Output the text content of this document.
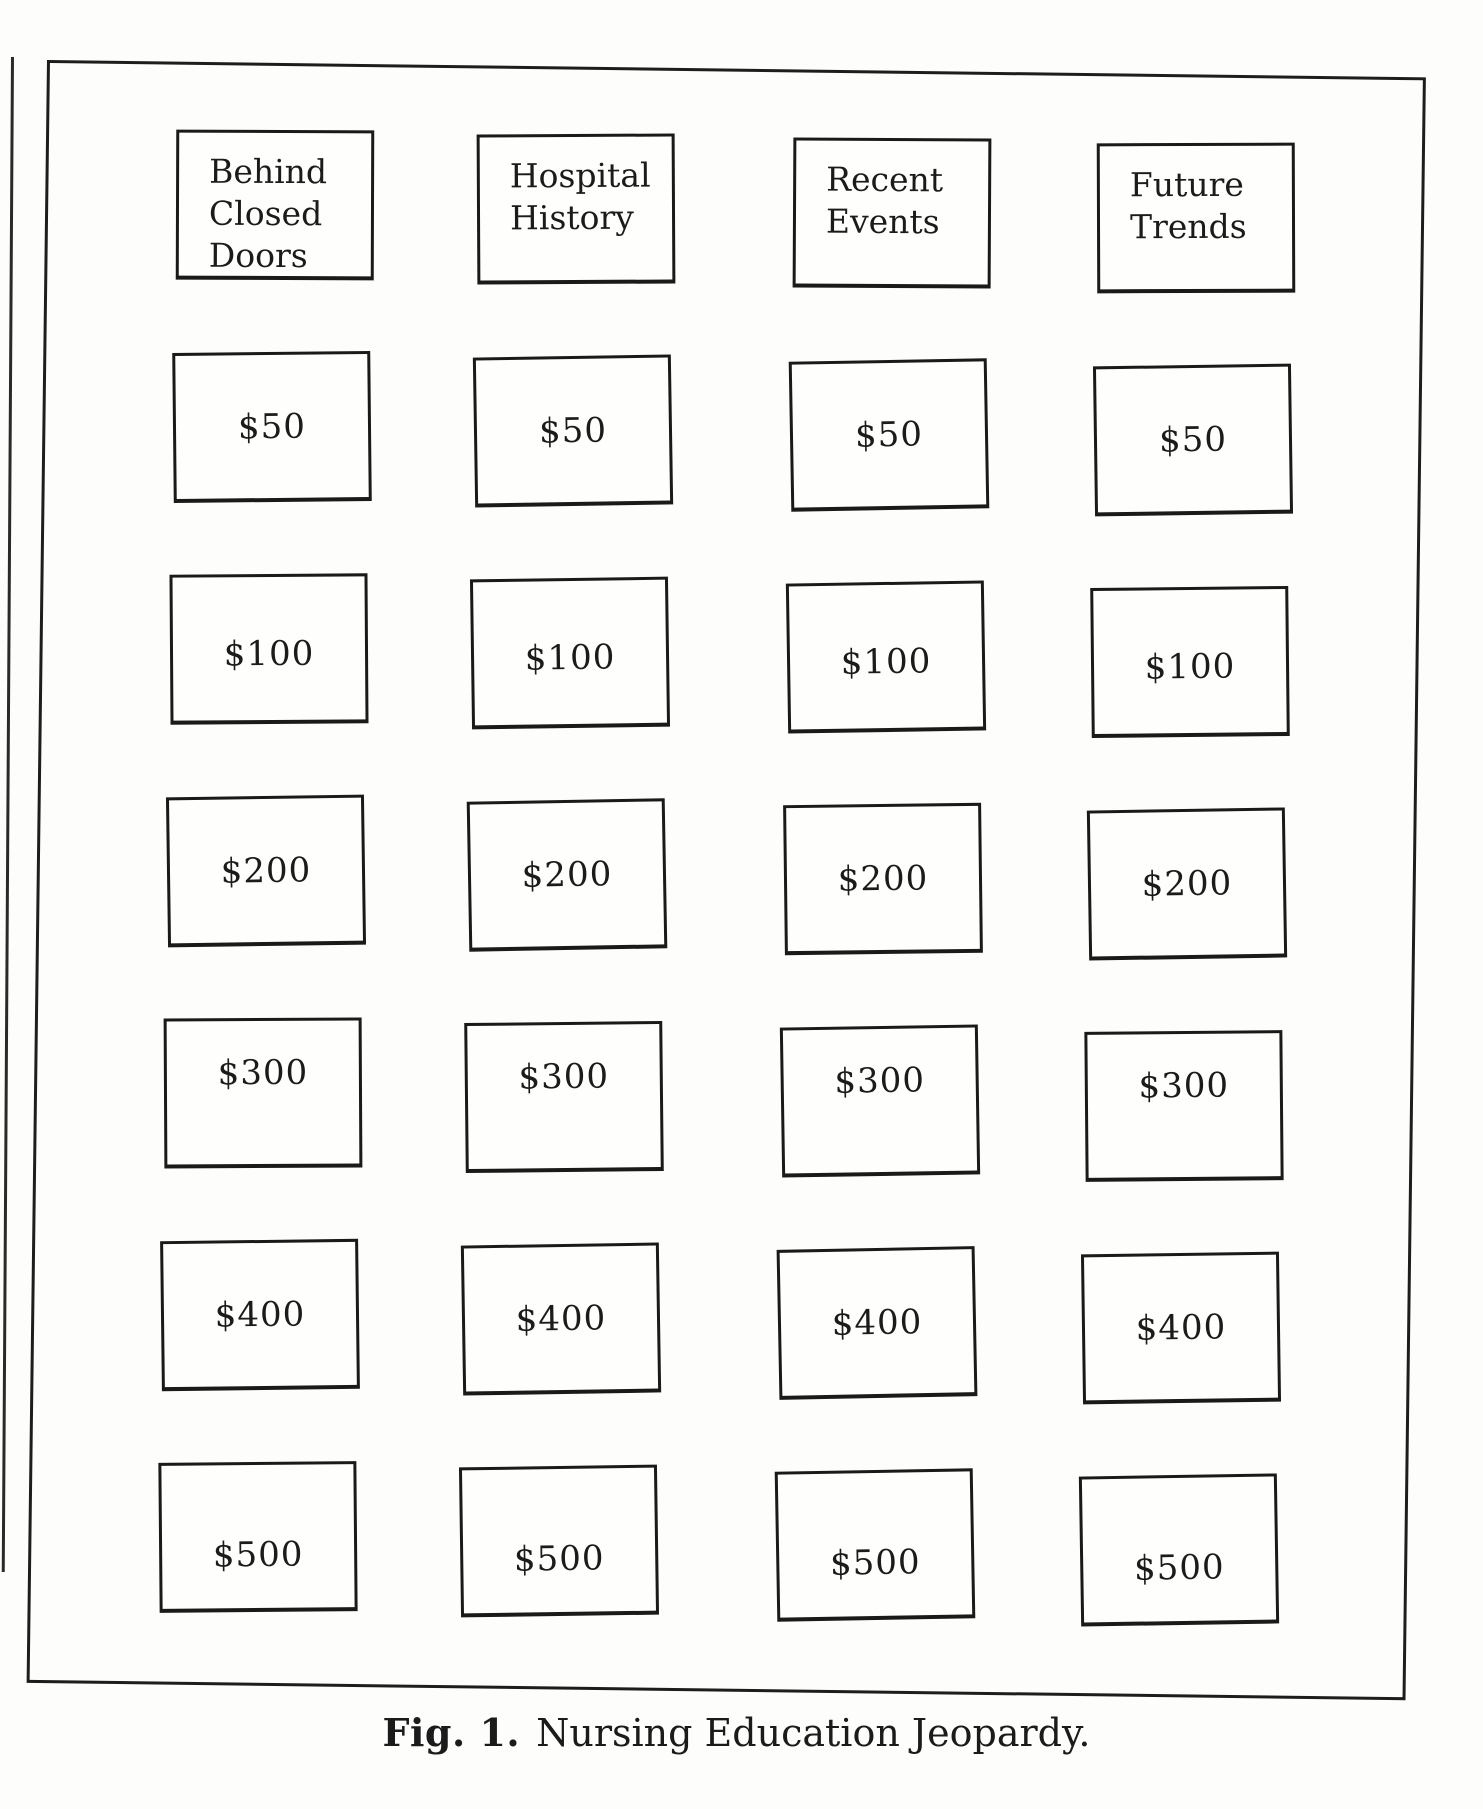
Behind
Closed
Doors
$50
$100
$200
$300
$400
$500
Hospital
History
$50
$100
$200
$300
$400
$500
Recent
Events
$50
$100
$200
$300
$400
$500
Future
Trends
$50
$100
$200
$300
$400
$500
Fig. 1. Nursing Education Jeopardy.
